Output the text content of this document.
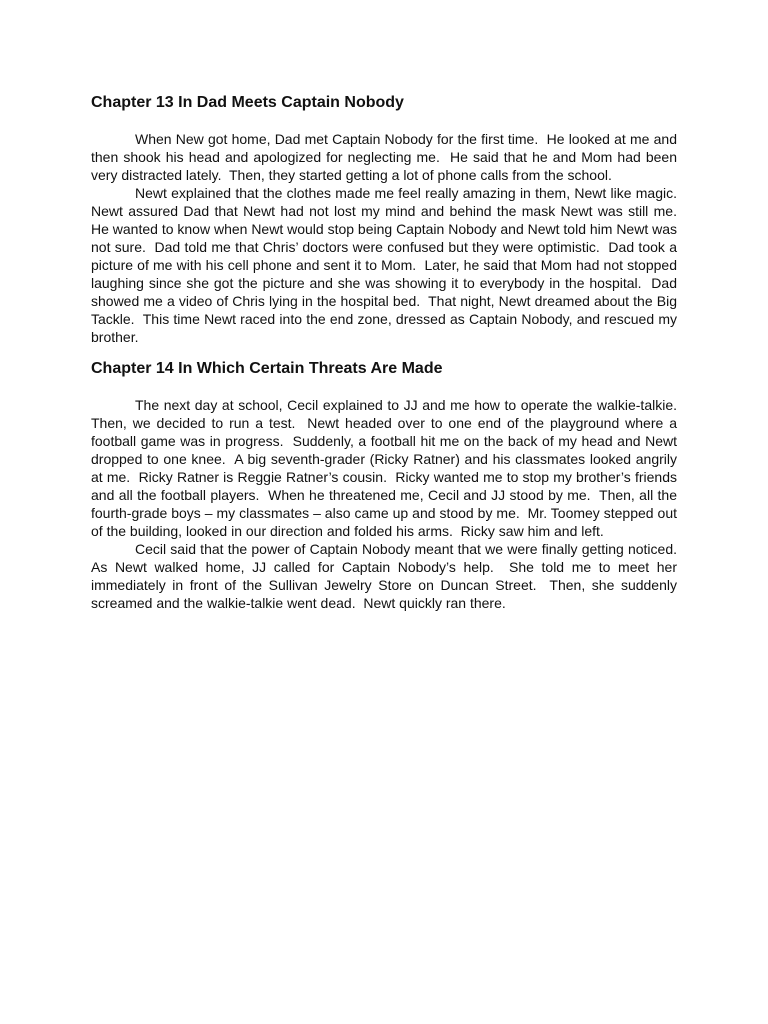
Chapter 13 In Dad Meets Captain Nobody

When New got home, Dad met Captain Nobody for the first time.  He looked at me and then shook his head and apologized for neglecting me.  He said that he and Mom had been very distracted lately.  Then, they started getting a lot of phone calls from the school.

Newt explained that the clothes made me feel really amazing in them, Newt like magic.  Newt assured Dad that Newt had not lost my mind and behind the mask Newt was still me.  He wanted to know when Newt would stop being Captain Nobody and Newt told him Newt was not sure.  Dad told me that Chris’ doctors were confused but they were optimistic.  Dad took a picture of me with his cell phone and sent it to Mom.  Later, he said that Mom had not stopped laughing since she got the picture and she was showing it to everybody in the hospital.  Dad showed me a video of Chris lying in the hospital bed.  That night, Newt dreamed about the Big Tackle.  This time Newt raced into the end zone, dressed as Captain Nobody, and rescued my brother.

Chapter 14 In Which Certain Threats Are Made

The next day at school, Cecil explained to JJ and me how to operate the walkie-talkie.  Then, we decided to run a test.  Newt headed over to one end of the playground where a football game was in progress.  Suddenly, a football hit me on the back of my head and Newt dropped to one knee.  A big seventh-grader (Ricky Ratner) and his classmates looked angrily at me.  Ricky Ratner is Reggie Ratner’s cousin.  Ricky wanted me to stop my brother’s friends and all the football players.  When he threatened me, Cecil and JJ stood by me.  Then, all the fourth-grade boys – my classmates – also came up and stood by me.  Mr. Toomey stepped out of the building, looked in our direction and folded his arms.  Ricky saw him and left.

Cecil said that the power of Captain Nobody meant that we were finally getting noticed.  As Newt walked home, JJ called for Captain Nobody’s help.  She told me to meet her immediately in front of the Sullivan Jewelry Store on Duncan Street.  Then, she suddenly screamed and the walkie-talkie went dead.  Newt quickly ran there.
